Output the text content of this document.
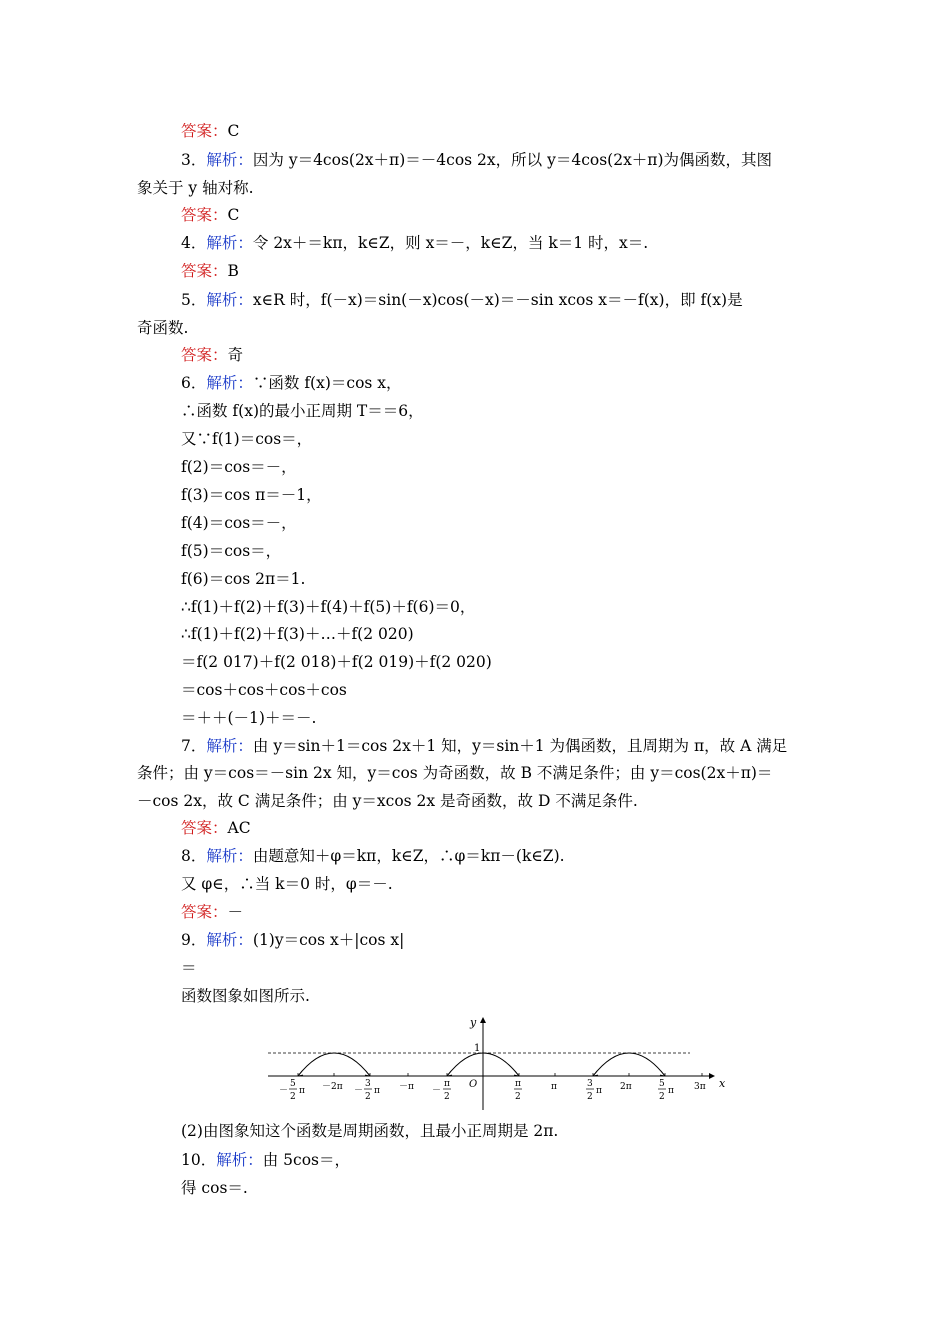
答案：C
3．解析：因为 y＝4cos(2x＋π)＝－4cos 2x，所以 y＝4cos(2x＋π)为偶函数，其图
象关于 y 轴对称.
答案：C
4．解析：令 2x＋＝kπ，k∈Z，则 x＝－，k∈Z，当 k＝1 时，x＝.
答案：B
5．解析：x∈R 时，f(－x)＝sin(－x)cos(－x)＝－sin xcos x＝－f(x)，即 f(x)是
奇函数.
答案：奇
6．解析：∵函数 f(x)＝cos x，
∴函数 f(x)的最小正周期 T＝＝6，
又∵f(1)＝cos＝，
f(2)＝cos＝－，
f(3)＝cos π＝－1，
f(4)＝cos＝－，
f(5)＝cos＝，
f(6)＝cos 2π＝1.
∴f(1)＋f(2)＋f(3)＋f(4)＋f(5)＋f(6)＝0，
∴f(1)＋f(2)＋f(3)＋…＋f(2 020)
＝f(2 017)＋f(2 018)＋f(2 019)＋f(2 020)
＝cos＋cos＋cos＋cos
＝＋＋(－1)＋＝－.
7．解析：由 y＝sin＋1＝cos 2x＋1 知，y＝sin＋1 为偶函数，且周期为 π，故 A 满足
条件；由 y＝cos＝－sin 2x 知，y＝cos 为奇函数，故 B 不满足条件；由 y＝cos(2x＋π)＝
－cos 2x，故 C 满足条件；由 y＝xcos 2x 是奇函数，故 D 不满足条件.
答案：AC
8．解析：由题意知＋φ＝kπ，k∈Z，∴φ＝kπ－(k∈Z).
又 φ∈，∴当 k＝0 时，φ＝－.
答案：－
9．解析：(1)y＝cos x＋|cos x|
＝
函数图象如图所示.
y
x
1
O
－
5
2
π －2π －
3
2
π －π －
π
2
π
2
π	3
2
π 2π	5
2
π 3π
(2)由图象知这个函数是周期函数，且最小正周期是 2π.
10．解析：由 5cos＝，
得 cos＝.
